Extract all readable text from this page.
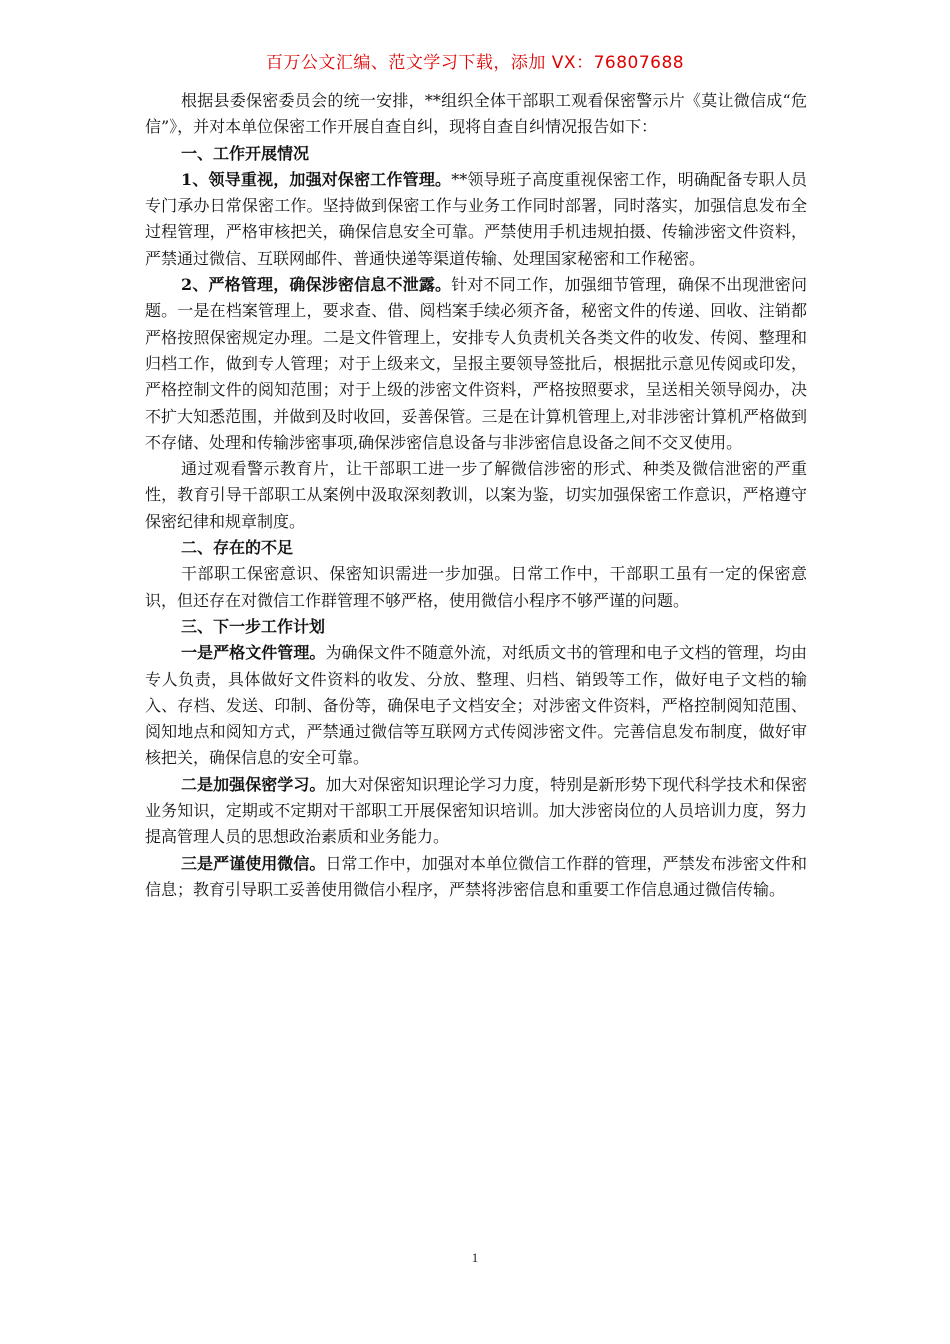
百万公文汇编、范文学习下载，添加 VX：76807688

根据县委保密委员会的统一安排，**组织全体干部职工观看保密警示片《莫让微信成“危信”》，并对本单位保密工作开展自查自纠，现将自查自纠情况报告如下：

一、工作开展情况

1、领导重视，加强对保密工作管理。**领导班子高度重视保密工作，明确配备专职人员专门承办日常保密工作。坚持做到保密工作与业务工作同时部署，同时落实，加强信息发布全过程管理，严格审核把关，确保信息安全可靠。严禁使用手机违规拍摄、传输涉密文件资料，严禁通过微信、互联网邮件、普通快递等渠道传输、处理国家秘密和工作秘密。

2、严格管理，确保涉密信息不泄露。针对不同工作，加强细节管理，确保不出现泄密问题。一是在档案管理上，要求查、借、阅档案手续必须齐备，秘密文件的传递、回收、注销都严格按照保密规定办理。二是文件管理上，安排专人负责机关各类文件的收发、传阅、整理和归档工作，做到专人管理；对于上级来文，呈报主要领导签批后，根据批示意见传阅或印发，严格控制文件的阅知范围；对于上级的涉密文件资料，严格按照要求，呈送相关领导阅办，决不扩大知悉范围，并做到及时收回，妥善保管。三是在计算机管理上,对非涉密计算机严格做到不存储、处理和传输涉密事项,确保涉密信息设备与非涉密信息设备之间不交叉使用。

通过观看警示教育片，让干部职工进一步了解微信涉密的形式、种类及微信泄密的严重性，教育引导干部职工从案例中汲取深刻教训，以案为鉴，切实加强保密工作意识，严格遵守保密纪律和规章制度。

二、存在的不足

干部职工保密意识、保密知识需进一步加强。日常工作中，干部职工虽有一定的保密意识，但还存在对微信工作群管理不够严格，使用微信小程序不够严谨的问题。

三、下一步工作计划

一是严格文件管理。为确保文件不随意外流，对纸质文书的管理和电子文档的管理，均由专人负责，具体做好文件资料的收发、分放、整理、归档、销毁等工作，做好电子文档的输入、存档、发送、印制、备份等，确保电子文档安全；对涉密文件资料，严格控制阅知范围、阅知地点和阅知方式，严禁通过微信等互联网方式传阅涉密文件。完善信息发布制度，做好审核把关，确保信息的安全可靠。

二是加强保密学习。加大对保密知识理论学习力度，特别是新形势下现代科学技术和保密业务知识，定期或不定期对干部职工开展保密知识培训。加大涉密岗位的人员培训力度，努力提高管理人员的思想政治素质和业务能力。

三是严谨使用微信。日常工作中，加强对本单位微信工作群的管理，严禁发布涉密文件和信息；教育引导职工妥善使用微信小程序，严禁将涉密信息和重要工作信息通过微信传输。

1
